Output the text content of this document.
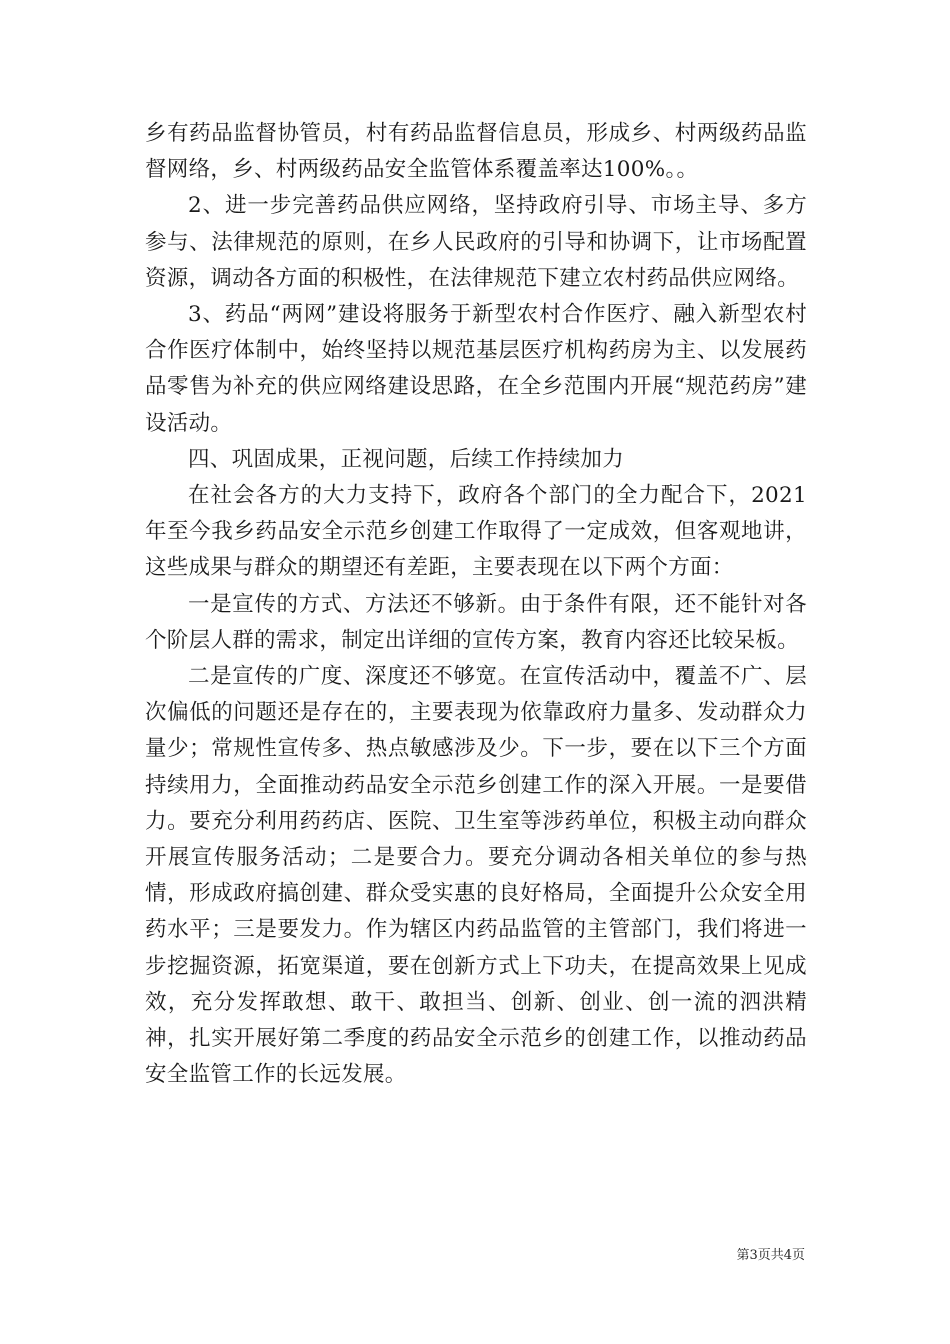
乡有药品监督协管员，村有药品监督信息员，形成乡、村两级药品监督网络，乡、村两级药品安全监管体系覆盖率达100%。。

2、进一步完善药品供应网络，坚持政府引导、市场主导、多方参与、法律规范的原则，在乡人民政府的引导和协调下，让市场配置资源，调动各方面的积极性，在法律规范下建立农村药品供应网络。

3、药品“两网”建设将服务于新型农村合作医疗、融入新型农村合作医疗体制中，始终坚持以规范基层医疗机构药房为主、以发展药品零售为补充的供应网络建设思路，在全乡范围内开展“规范药房”建设活动。

四、巩固成果，正视问题，后续工作持续加力

在社会各方的大力支持下，政府各个部门的全力配合下，2021年至今我乡药品安全示范乡创建工作取得了一定成效，但客观地讲，这些成果与群众的期望还有差距，主要表现在以下两个方面：

一是宣传的方式、方法还不够新。由于条件有限，还不能针对各个阶层人群的需求，制定出详细的宣传方案，教育内容还比较呆板。

二是宣传的广度、深度还不够宽。在宣传活动中，覆盖不广、层次偏低的问题还是存在的，主要表现为依靠政府力量多、发动群众力量少；常规性宣传多、热点敏感涉及少。下一步，要在以下三个方面持续用力，全面推动药品安全示范乡创建工作的深入开展。一是要借力。要充分利用药药店、医院、卫生室等涉药单位，积极主动向群众开展宣传服务活动；二是要合力。要充分调动各相关单位的参与热情，形成政府搞创建、群众受实惠的良好格局，全面提升公众安全用药水平；三是要发力。作为辖区内药品监管的主管部门，我们将进一步挖掘资源，拓宽渠道，要在创新方式上下功夫，在提高效果上见成效，充分发挥敢想、敢干、敢担当、创新、创业、创一流的泗洪精神，扎实开展好第二季度的药品安全示范乡的创建工作，以推动药品安全监管工作的长远发展。

第3页共4页
